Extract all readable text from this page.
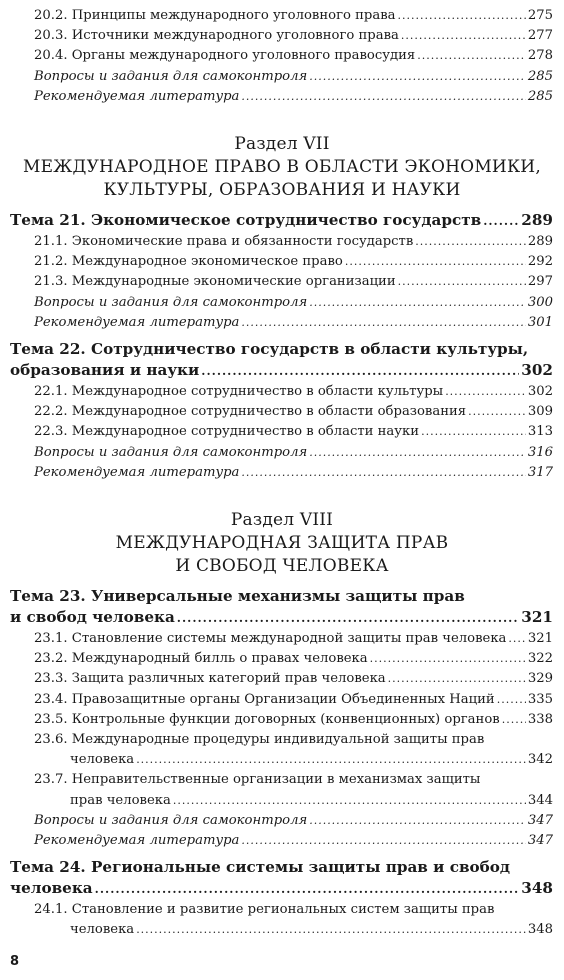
20.2. Принципы международного уголовного права .....	275
20.3. Источники международного уголовного права .....	277
20.4. Органы международного уголовного правосудия .....	278
Вопросы и задания для самоконтроля .....	285
Рекомендуемая литература .....	285
Раздел VII
МЕЖДУНАРОДНОЕ ПРАВО В ОБЛАСТИ ЭКОНОМИКИ,
КУЛЬТУРЫ, ОБРАЗОВАНИЯ И НАУКИ
Тема 21. Экономическое сотрудничество государств .....	289
21.1. Экономические права и обязанности государств .....	289
21.2. Международное экономическое право .....	292
21.3. Международные экономические организации .....	297
Вопросы и задания для самоконтроля .....	300
Рекомендуемая литература .....	301
Тема 22. Сотрудничество государств в области культуры,
образования и науки .....	302
22.1. Международное сотрудничество в области культуры .....	302
22.2. Международное сотрудничество в области образования .....	309
22.3. Международное сотрудничество в области науки .....	313
Вопросы и задания для самоконтроля .....	316
Рекомендуемая литература .....	317
Раздел VIII
МЕЖДУНАРОДНАЯ ЗАЩИТА ПРАВ
И СВОБОД ЧЕЛОВЕКА
Тема 23. Универсальные механизмы защиты прав
и свобод человека .....	321
23.1. Становление системы международной защиты прав человека ..... 321
23.2. Международный билль о правах человека .....	322
23.3. Защита различных категорий прав человека .....	329
23.4. Правозащитные органы Организации Объединенных Наций .....	335
23.5. Контрольные функции договорных (конвенционных) органов ..... 338
23.6. Международные процедуры индивидуальной защиты прав
человека .....	342
23.7. Неправительственные организации в механизмах защиты
прав человека .....	344
Вопросы и задания для самоконтроля .....	347
Рекомендуемая литература .....	347
Тема 24. Региональные системы защиты прав и свобод
человека .....	348
24.1. Становление и развитие региональных систем защиты прав
человека .....	348
8
